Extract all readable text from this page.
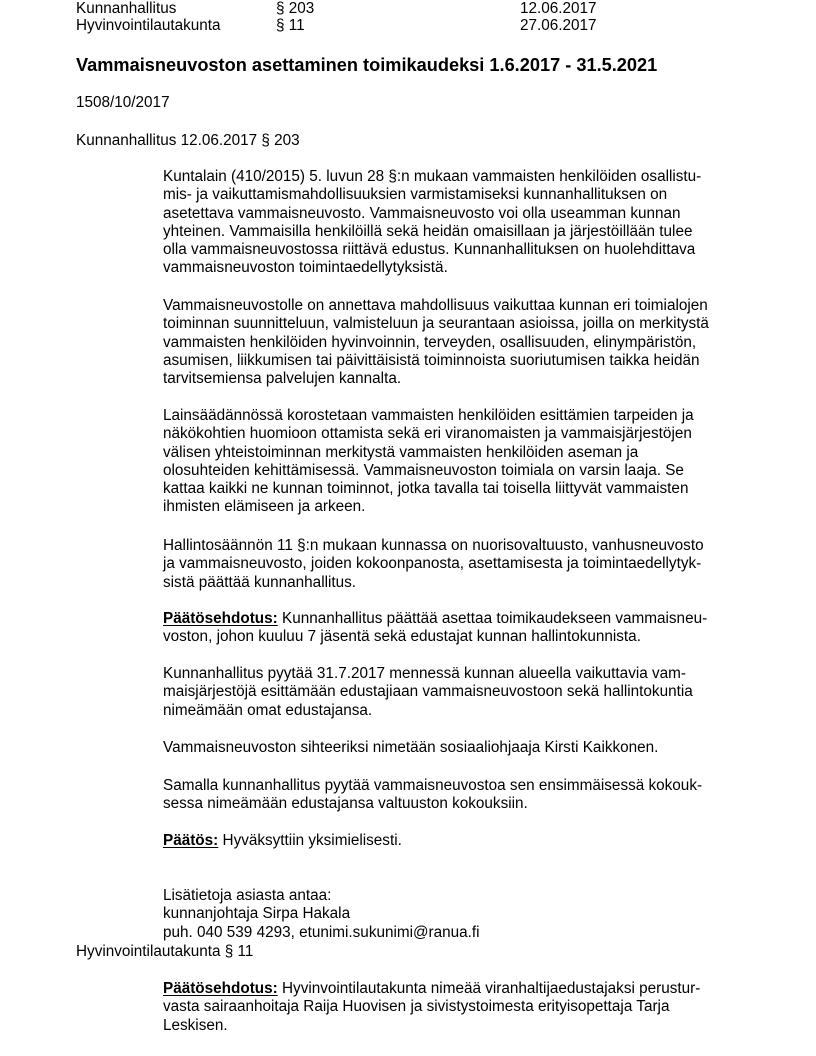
Kunnanhallitus	§ 203	12.06.2017
Hyvinvointilautakunta	§ 11	27.06.2017
Vammaisneuvoston asettaminen toimikaudeksi 1.6.2017 - 31.5.2021
1508/10/2017
Kunnanhallitus 12.06.2017 § 203
Kuntalain (410/2015) 5. luvun 28 §:n mukaan vammaisten henkilöiden osallistu-
mis- ja vaikuttamismahdollisuuksien varmistamiseksi kunnanhallituksen on
asetettava vammaisneuvosto. Vammaisneuvosto voi olla useamman kunnan
yhteinen. Vammaisilla henkilöillä sekä heidän omaisillaan ja järjestöillään tulee
olla vammaisneuvostossa riittävä edustus. Kunnanhallituksen on huolehdittava
vammaisneuvoston toimintaedellytyksistä.
Vammaisneuvostolle on annettava mahdollisuus vaikuttaa kunnan eri toimialojen
toiminnan suunnitteluun, valmisteluun ja seurantaan asioissa, joilla on merkitystä
vammaisten henkilöiden hyvinvoinnin, terveyden, osallisuuden, elinympäristön,
asumisen, liikkumisen tai päivittäisistä toiminnoista suoriutumisen taikka heidän
tarvitsemiensa palvelujen kannalta.
Lainsäädännössä korostetaan vammaisten henkilöiden esittämien tarpeiden ja
näkökohtien huomioon ottamista sekä eri viranomaisten ja vammaisjärjestöjen
välisen yhteistoiminnan merkitystä vammaisten henkilöiden aseman ja
olosuhteiden kehittämisessä. Vammaisneuvoston toimiala on varsin laaja. Se
kattaa kaikki ne kunnan toiminnot, jotka tavalla tai toisella liittyvät vammaisten
ihmisten elämiseen ja arkeen.
Hallintosäännön 11 §:n mukaan kunnassa on nuorisovaltuusto, vanhusneuvosto
ja vammaisneuvosto, joiden kokoonpanosta, asettamisesta ja toimintaedellytyk-
sistä päättää kunnanhallitus.
Päätösehdotus: Kunnanhallitus päättää asettaa toimikaudekseen vammaisneu-
voston, johon kuuluu 7 jäsentä sekä edustajat kunnan hallintokunnista.
Kunnanhallitus pyytää 31.7.2017 mennessä kunnan alueella vaikuttavia vam-
maisjärjestöjä esittämään edustajiaan vammaisneuvostoon sekä hallintokuntia
nimeämään omat edustajansa.
Vammaisneuvoston sihteeriksi nimetään sosiaaliohjaaja Kirsti Kaikkonen.
Samalla kunnanhallitus pyytää vammaisneuvostoa sen ensimmäisessä kokouk-
sessa nimeämään edustajansa valtuuston kokouksiin.
Päätös: Hyväksyttiin yksimielisesti.
Lisätietoja asiasta antaa:
kunnanjohtaja Sirpa Hakala
puh. 040 539 4293, etunimi.sukunimi@ranua.fi
Hyvinvointilautakunta § 11
Päätösehdotus: Hyvinvointilautakunta nimeää viranhaltijaedustajaksi perustur-
vasta sairaanhoitaja Raija Huovisen ja sivistystoimesta erityisopettaja Tarja
Leskisen.
